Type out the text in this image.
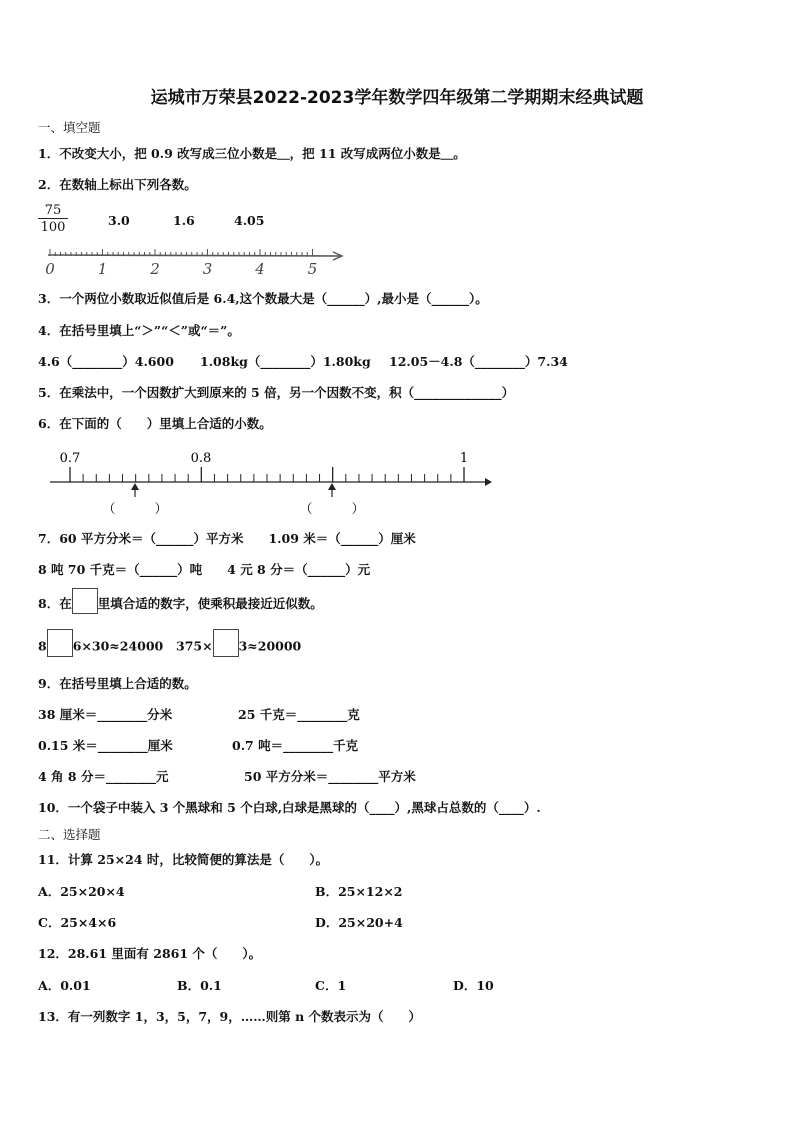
运城市万荣县2022-2023学年数学四年级第二学期期末经典试题
一、填空题
1．不改变大小，把 0.9 改写成三位小数是＿，把 11 改写成两位小数是＿。
2．在数轴上标出下列各数。
$\frac{75}{100}$	3.0	1.6	4.05
0	1	2	3	4	5
3．一个两位小数取近似值后是 6.4,这个数最大是（______）,最小是（______）。
4．在括号里填上“＞”“＜”或“＝”。
4.6（________）4.600 1.08kg（________）1.80kg 12.05－4.8（________）7.34
5．在乘法中，一个因数扩大到原来的 5 倍，另一个因数不变，积（______________）
6．在下面的（　　）里填上合适的小数。
0.7	0.8	1
（　　　）	（　　　）
7．60 平方分米＝（______）平方米　　1.09 米＝（______）厘米
8 吨 70 千克＝（______）吨　　4 元 8 分＝（______）元
8．在 里填合适的数字，使乘积最接近近似数。
8 6×30≈24000 375× 3≈20000
9．在括号里填上合适的数。
38 厘米＝________分米	25 千克＝________克
0.15 米＝________厘米	0.7 吨＝________千克
4 角 8 分＝________元	50 平方分米＝________平方米
10．一个袋子中装入 3 个黑球和 5 个白球,白球是黑球的（____）,黑球占总数的（____）.
二、选择题
11．计算 25×24 时，比较简便的算法是（　　）。
A．25×20×4	B．25×12×2
C．25×4×6	D．25×20+4
12．28.61 里面有 2861 个（　　）。
A．0.01	B．0.1	C．1	D．10
13．有一列数字 1，3，5，7，9，……则第 n 个数表示为（　　）
